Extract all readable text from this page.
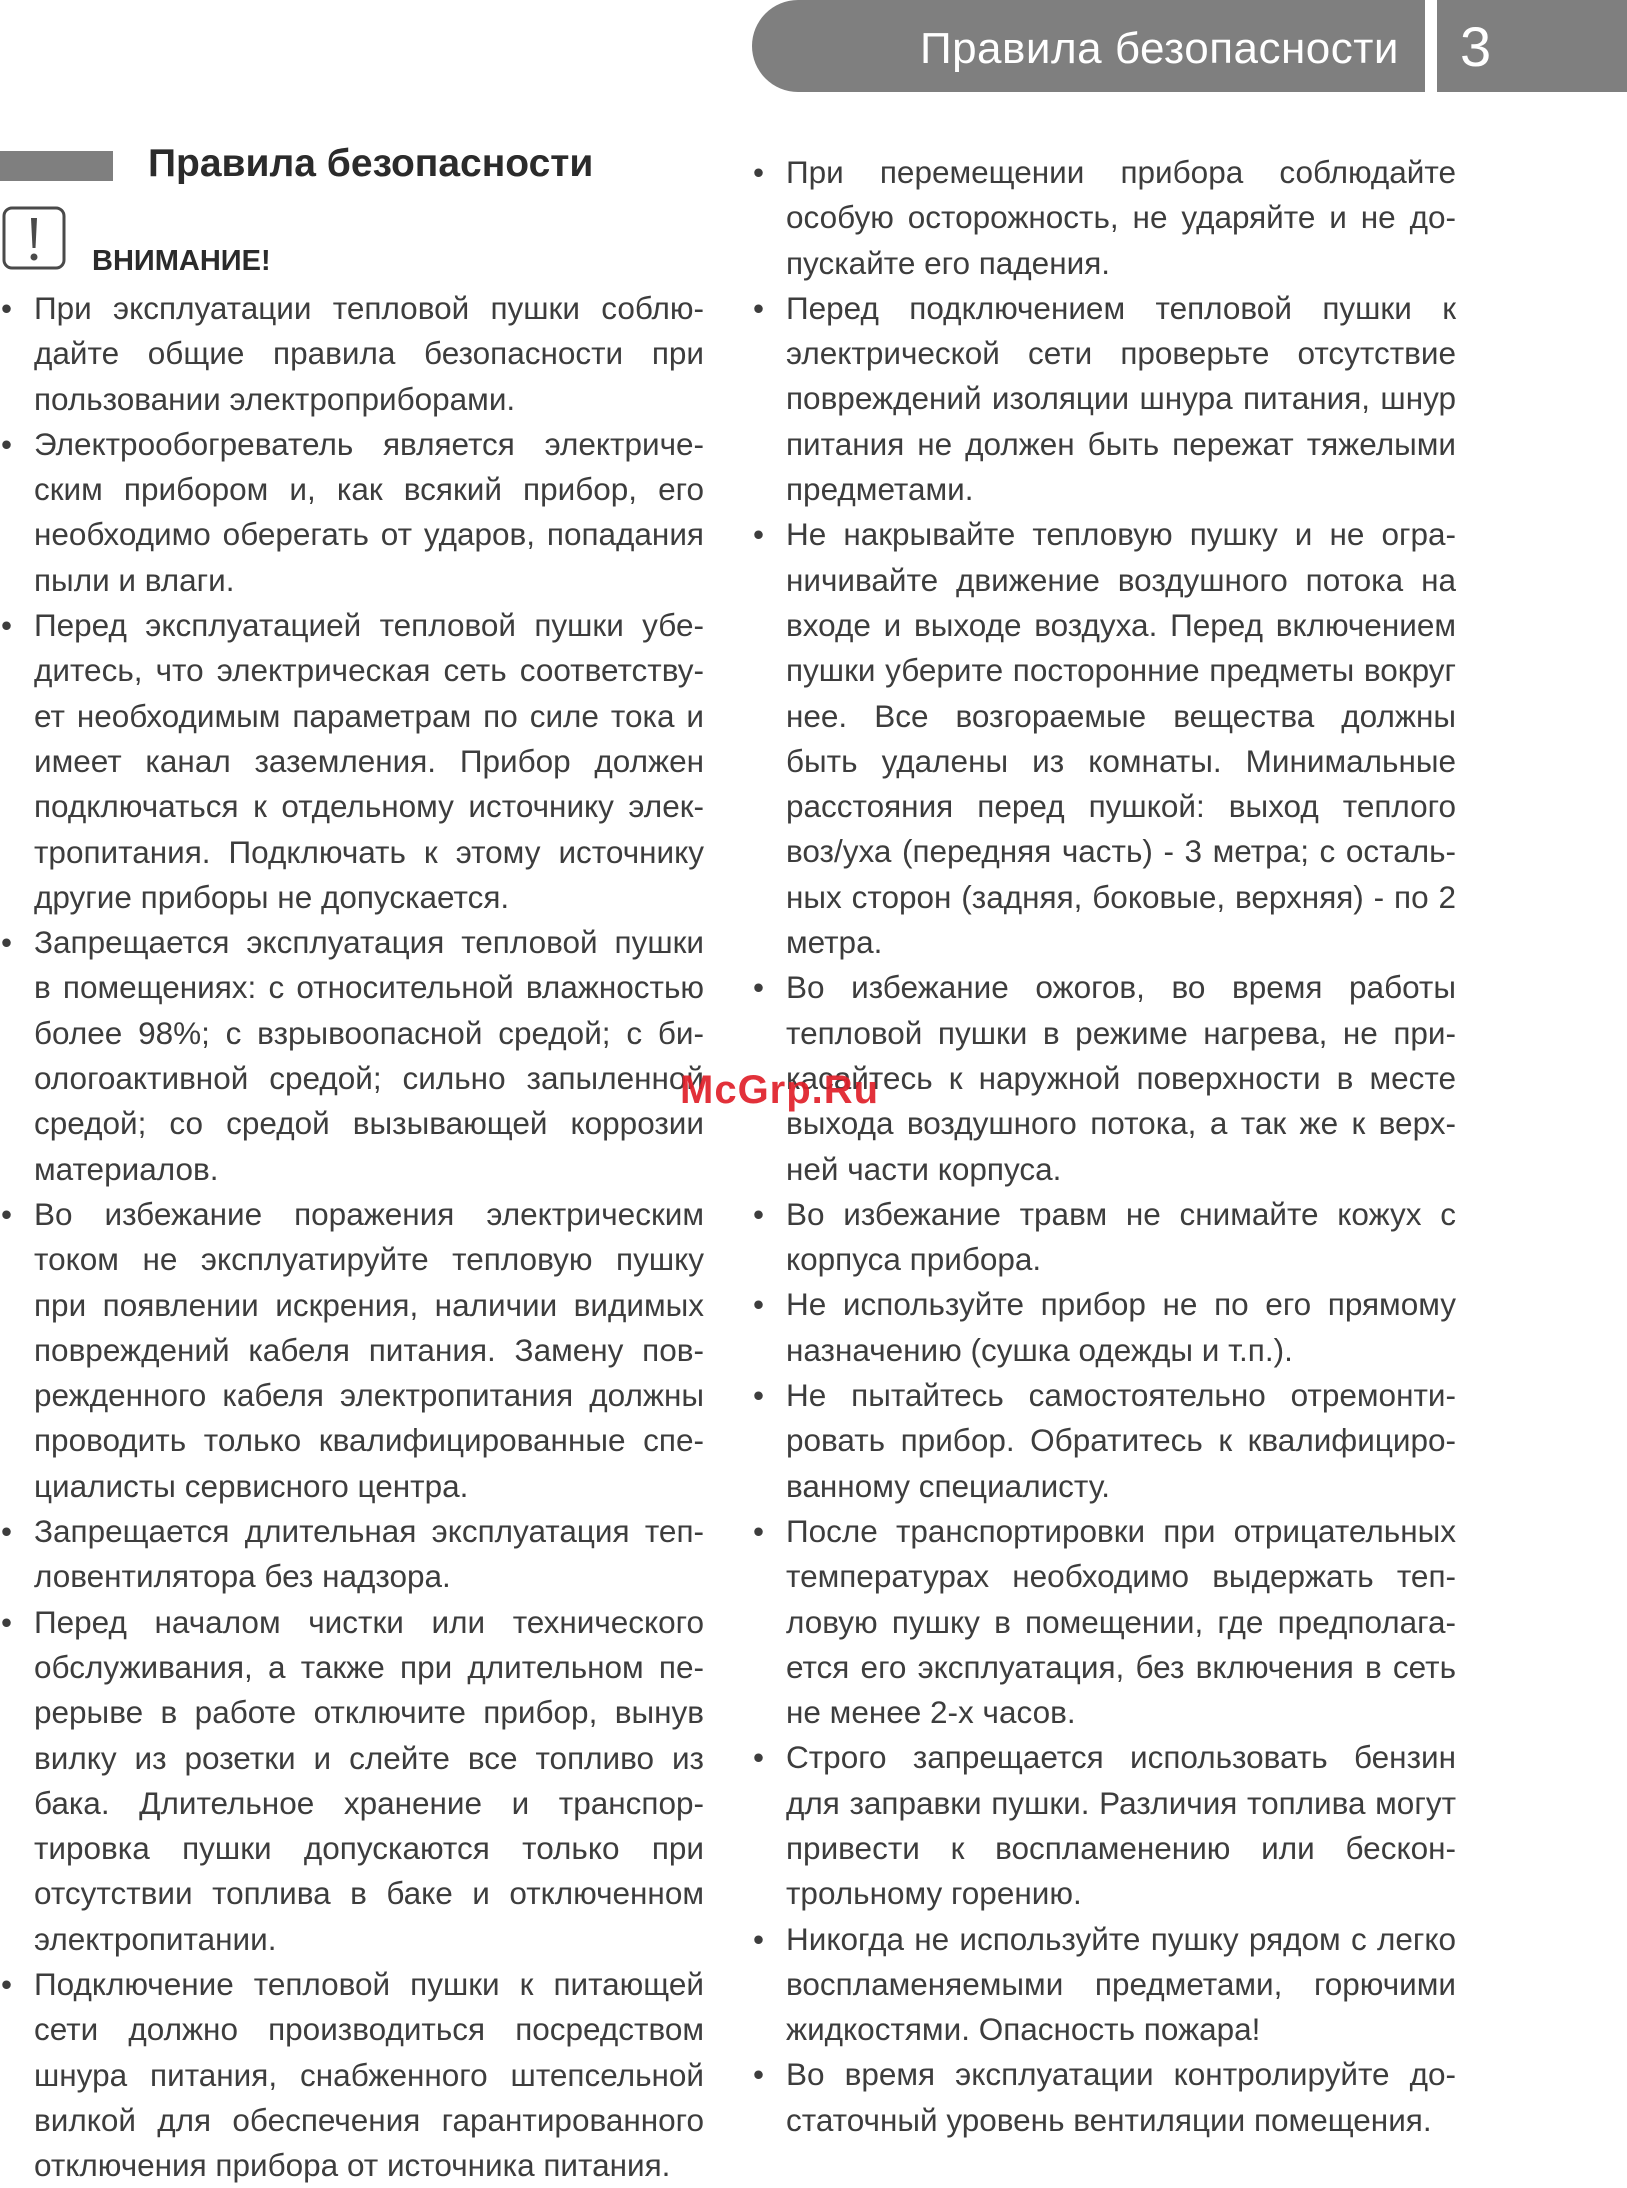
Правила безопасности 3
Правила безопасности
ВНИМАНИЕ!
• При эксплуатации тепловой пушки соблюдайте общие правила безопасности при пользовании электроприборами.
• Электрообогреватель является электрическим прибором и, как всякий прибор, его необходимо оберегать от ударов, попадания пыли и влаги.
• Перед эксплуатацией тепловой пушки убедитесь, что электрическая сеть соответствует необходимым параметрам по силе тока и имеет канал заземления. Прибор должен подключаться к отдельному источнику электропитания. Подключать к этому источнику другие приборы не допускается.
• Запрещается эксплуатация тепловой пушки в помещениях: с относительной влажностью более 98%; с взрывоопасной средой; с биологоактивной средой; сильно запыленной средой; со средой вызывающей коррозии материалов.
• Во избежание поражения электрическим током не эксплуатируйте тепловую пушку при появлении искрения, наличии видимых повреждений кабеля питания. Замену поврежденного кабеля электропитания должны проводить только квалифицированные специалисты сервисного центра.
• Запрещается длительная эксплуатация тепловентилятора без надзора.
• Перед началом чистки или технического обслуживания, а также при длительном перерыве в работе отключите прибор, вынув вилку из розетки и слейте все топливо из бака. Длительное хранение и транспортировка пушки допускаются только при отсутствии топлива в баке и отключенном электропитании.
• Подключение тепловой пушки к питающей сети должно производиться посредством шнура питания, снабженного штепсельной вилкой для обеспечения гарантированного отключения прибора от источника питания.
• При перемещении прибора соблюдайте особую осторожность, не ударяйте и не допускайте его падения.
• Перед подключением тепловой пушки к электрической сети проверьте отсутствие повреждений изоляции шнура питания, шнур питания не должен быть пережат тяжелыми предметами.
• Не накрывайте тепловую пушку и не ограничивайте движение воздушного потока на входе и выходе воздуха. Перед включением пушки уберите посторонние предметы вокруг нее. Все возгораемые вещества должны быть удалены из комнаты. Минимальные расстояния перед пушкой: выход теплого воз/уха (передняя часть) - 3 метра; с остальных сторон (задняя, боковые, верхняя) - по 2 метра.
• Во избежание ожогов, во время работы тепловой пушки в режиме нагрева, не прикасайтесь к наружной поверхности в месте выхода воздушного потока, а так же к верхней части корпуса.
• Во избежание травм не снимайте кожух с корпуса прибора.
• Не используйте прибор не по его прямому назначению (сушка одежды и т.п.).
• Не пытайтесь самостоятельно отремонтировать прибор. Обратитесь к квалифицированному специалисту.
• После транспортировки при отрицательных температурах необходимо выдержать тепловую пушку в помещении, где предполагается его эксплуатация, без включения в сеть не менее 2-х часов.
• Строго запрещается использовать бензин для заправки пушки. Различия топлива могут привести к воспламенению или бесконтрольному горению.
• Никогда не используйте пушку рядом с легко воспламеняемыми предметами, горючими жидкостями. Опасность пожара!
• Во время эксплуатации контролируйте до-статочный уровень вентиляции помещения.
McGrp.Ru
